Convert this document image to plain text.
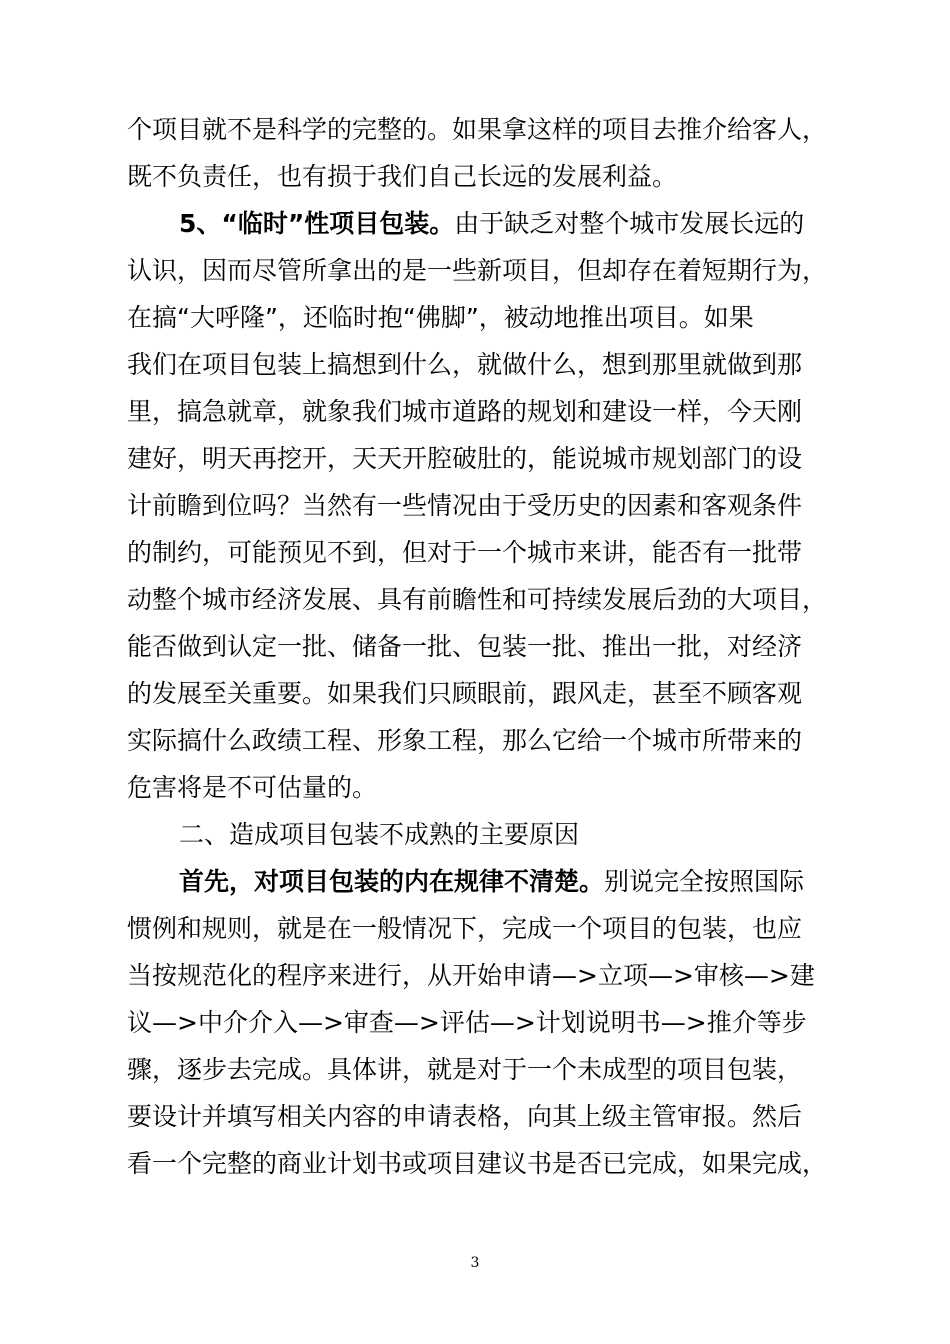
个项目就不是科学的完整的。如果拿这样的项目去推介给客人，
既不负责任，也有损于我们自己长远的发展利益。
5、“临时”性项目包装。由于缺乏对整个城市发展长远的
认识，因而尽管所拿出的是一些新项目，但却存在着短期行为，
在搞“大呼隆”，还临时抱“佛脚”，被动地推出项目。如果
我们在项目包装上搞想到什么，就做什么，想到那里就做到那
里，搞急就章，就象我们城市道路的规划和建设一样，今天刚
建好，明天再挖开，天天开腔破肚的，能说城市规划部门的设
计前瞻到位吗？当然有一些情况由于受历史的因素和客观条件
的制约，可能预见不到，但对于一个城市来讲，能否有一批带
动整个城市经济发展、具有前瞻性和可持续发展后劲的大项目，
能否做到认定一批、储备一批、包装一批、推出一批，对经济
的发展至关重要。如果我们只顾眼前，跟风走，甚至不顾客观
实际搞什么政绩工程、形象工程，那么它给一个城市所带来的
危害将是不可估量的。
二、造成项目包装不成熟的主要原因
首先，对项目包装的内在规律不清楚。别说完全按照国际
惯例和规则，就是在一般情况下，完成一个项目的包装，也应
当按规范化的程序来进行，从开始申请—>立项—>审核—>建
议—>中介介入—>审查—>评估—>计划说明书—>推介等步
骤，逐步去完成。具体讲，就是对于一个未成型的项目包装，
要设计并填写相关内容的申请表格，向其上级主管审报。然后
看一个完整的商业计划书或项目建议书是否已完成，如果完成，
3
